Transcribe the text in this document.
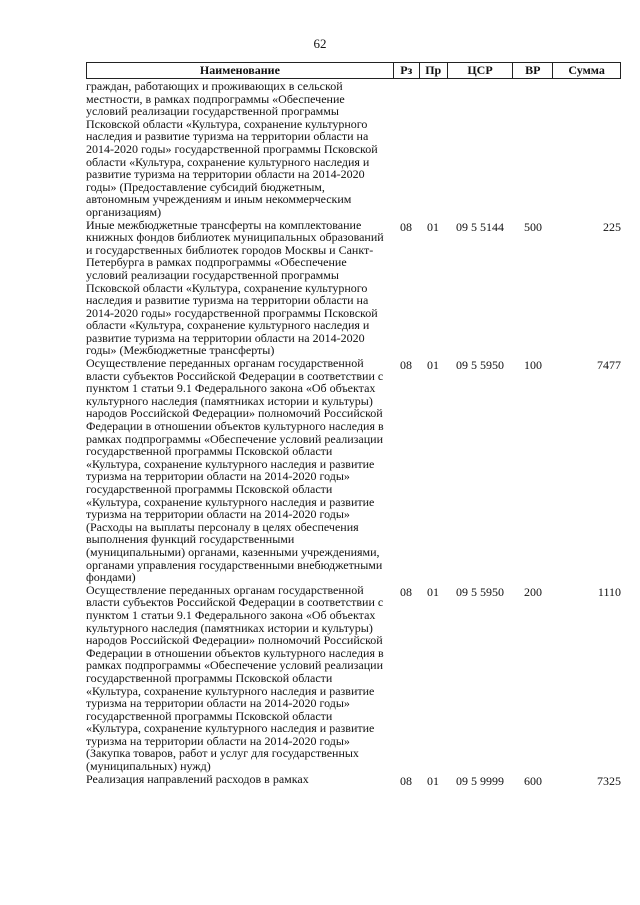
62
Наименование	Рз	Пр	ЦСР	ВР	Сумма
граждан, работающих и проживающих в сельской
местности, в рамках подпрограммы «Обеспечение
условий реализации государственной программы
Псковской области «Культура, сохранение культурного
наследия и развитие туризма на территории области на
2014-2020 годы» государственной программы Псковской
области «Культура, сохранение культурного наследия и
развитие туризма на территории области на 2014-2020
годы» (Предоставление субсидий бюджетным,
автономным учреждениям и иным некоммерческим
организациям)
Иные межбюджетные трансферты на комплектование
книжных фондов библиотек муниципальных образований
и государственных библиотек городов Москвы и Санкт-
Петербурга в рамках подпрограммы «Обеспечение
условий реализации государственной программы
Псковской области «Культура, сохранение культурного
наследия и развитие туризма на территории области на
2014-2020 годы» государственной программы Псковской
области «Культура, сохранение культурного наследия и
развитие туризма на территории области на 2014-2020
годы» (Межбюджетные трансферты)
08	01	09 5 5144	500	225
Осуществление переданных органам государственной
власти субъектов Российской Федерации в соответствии с
пунктом 1 статьи 9.1 Федерального закона «Об объектах
культурного наследия (памятниках истории и культуры)
народов Российской Федерации» полномочий Российской
Федерации в отношении объектов культурного наследия в
рамках подпрограммы «Обеспечение условий реализации
государственной программы Псковской области
«Культура, сохранение культурного наследия и развитие
туризма на территории области на 2014-2020 годы»
государственной программы Псковской области
«Культура, сохранение культурного наследия и развитие
туризма на территории области на 2014-2020 годы»
(Расходы на выплаты персоналу в целях обеспечения
выполнения функций государственными
(муниципальными) органами, казенными учреждениями,
органами управления государственными внебюджетными
фондами)
08	01	09 5 5950	100	7477
Осуществление переданных органам государственной
власти субъектов Российской Федерации в соответствии с
пунктом 1 статьи 9.1 Федерального закона «Об объектах
культурного наследия (памятниках истории и культуры)
народов Российской Федерации» полномочий Российской
Федерации в отношении объектов культурного наследия в
рамках подпрограммы «Обеспечение условий реализации
государственной программы Псковской области
«Культура, сохранение культурного наследия и развитие
туризма на территории области на 2014-2020 годы»
государственной программы Псковской области
«Культура, сохранение культурного наследия и развитие
туризма на территории области на 2014-2020 годы»
(Закупка товаров, работ и услуг для государственных
(муниципальных) нужд)
08	01	09 5 5950	200	1110
Реализация направлений расходов в рамках	08	01	09 5 9999	600	7325
